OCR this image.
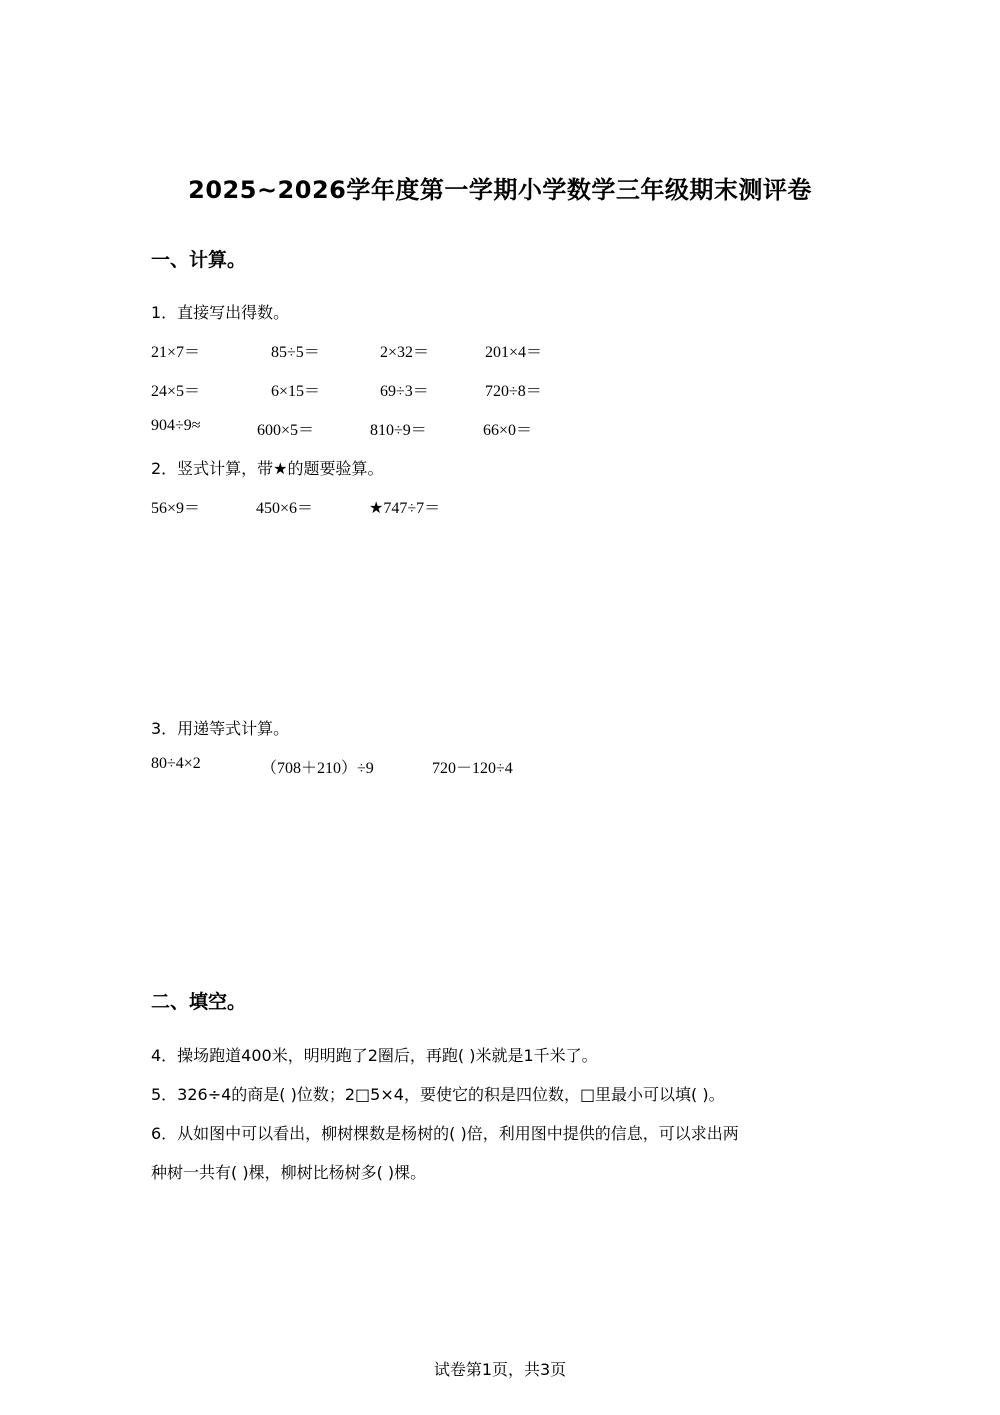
2025~2026学年度第一学期小学数学三年级期末测评卷
一、计算。
1．直接写出得数。
21×7＝	85÷5＝	2×32＝	201×4＝
24×5＝	6×15＝	69÷3＝	720÷8＝
904÷9≈	600×5＝	810÷9＝	66×0＝
2．竖式计算，带★的题要验算。
56×9＝	450×6＝	★747÷7＝
3．用递等式计算。
80÷4×2	（708＋210）÷9	720－120÷4
二、填空。
4．操场跑道400米，明明跑了2圈后，再跑( )米就是1千米了。
5．326÷4的商是( )位数；2□5×4，要使它的积是四位数，□里最小可以填( )。
6．从如图中可以看出，柳树棵数是杨树的( )倍，利用图中提供的信息，可以求出两
种树一共有( )棵，柳树比杨树多( )棵。
试卷第1页，共3页
